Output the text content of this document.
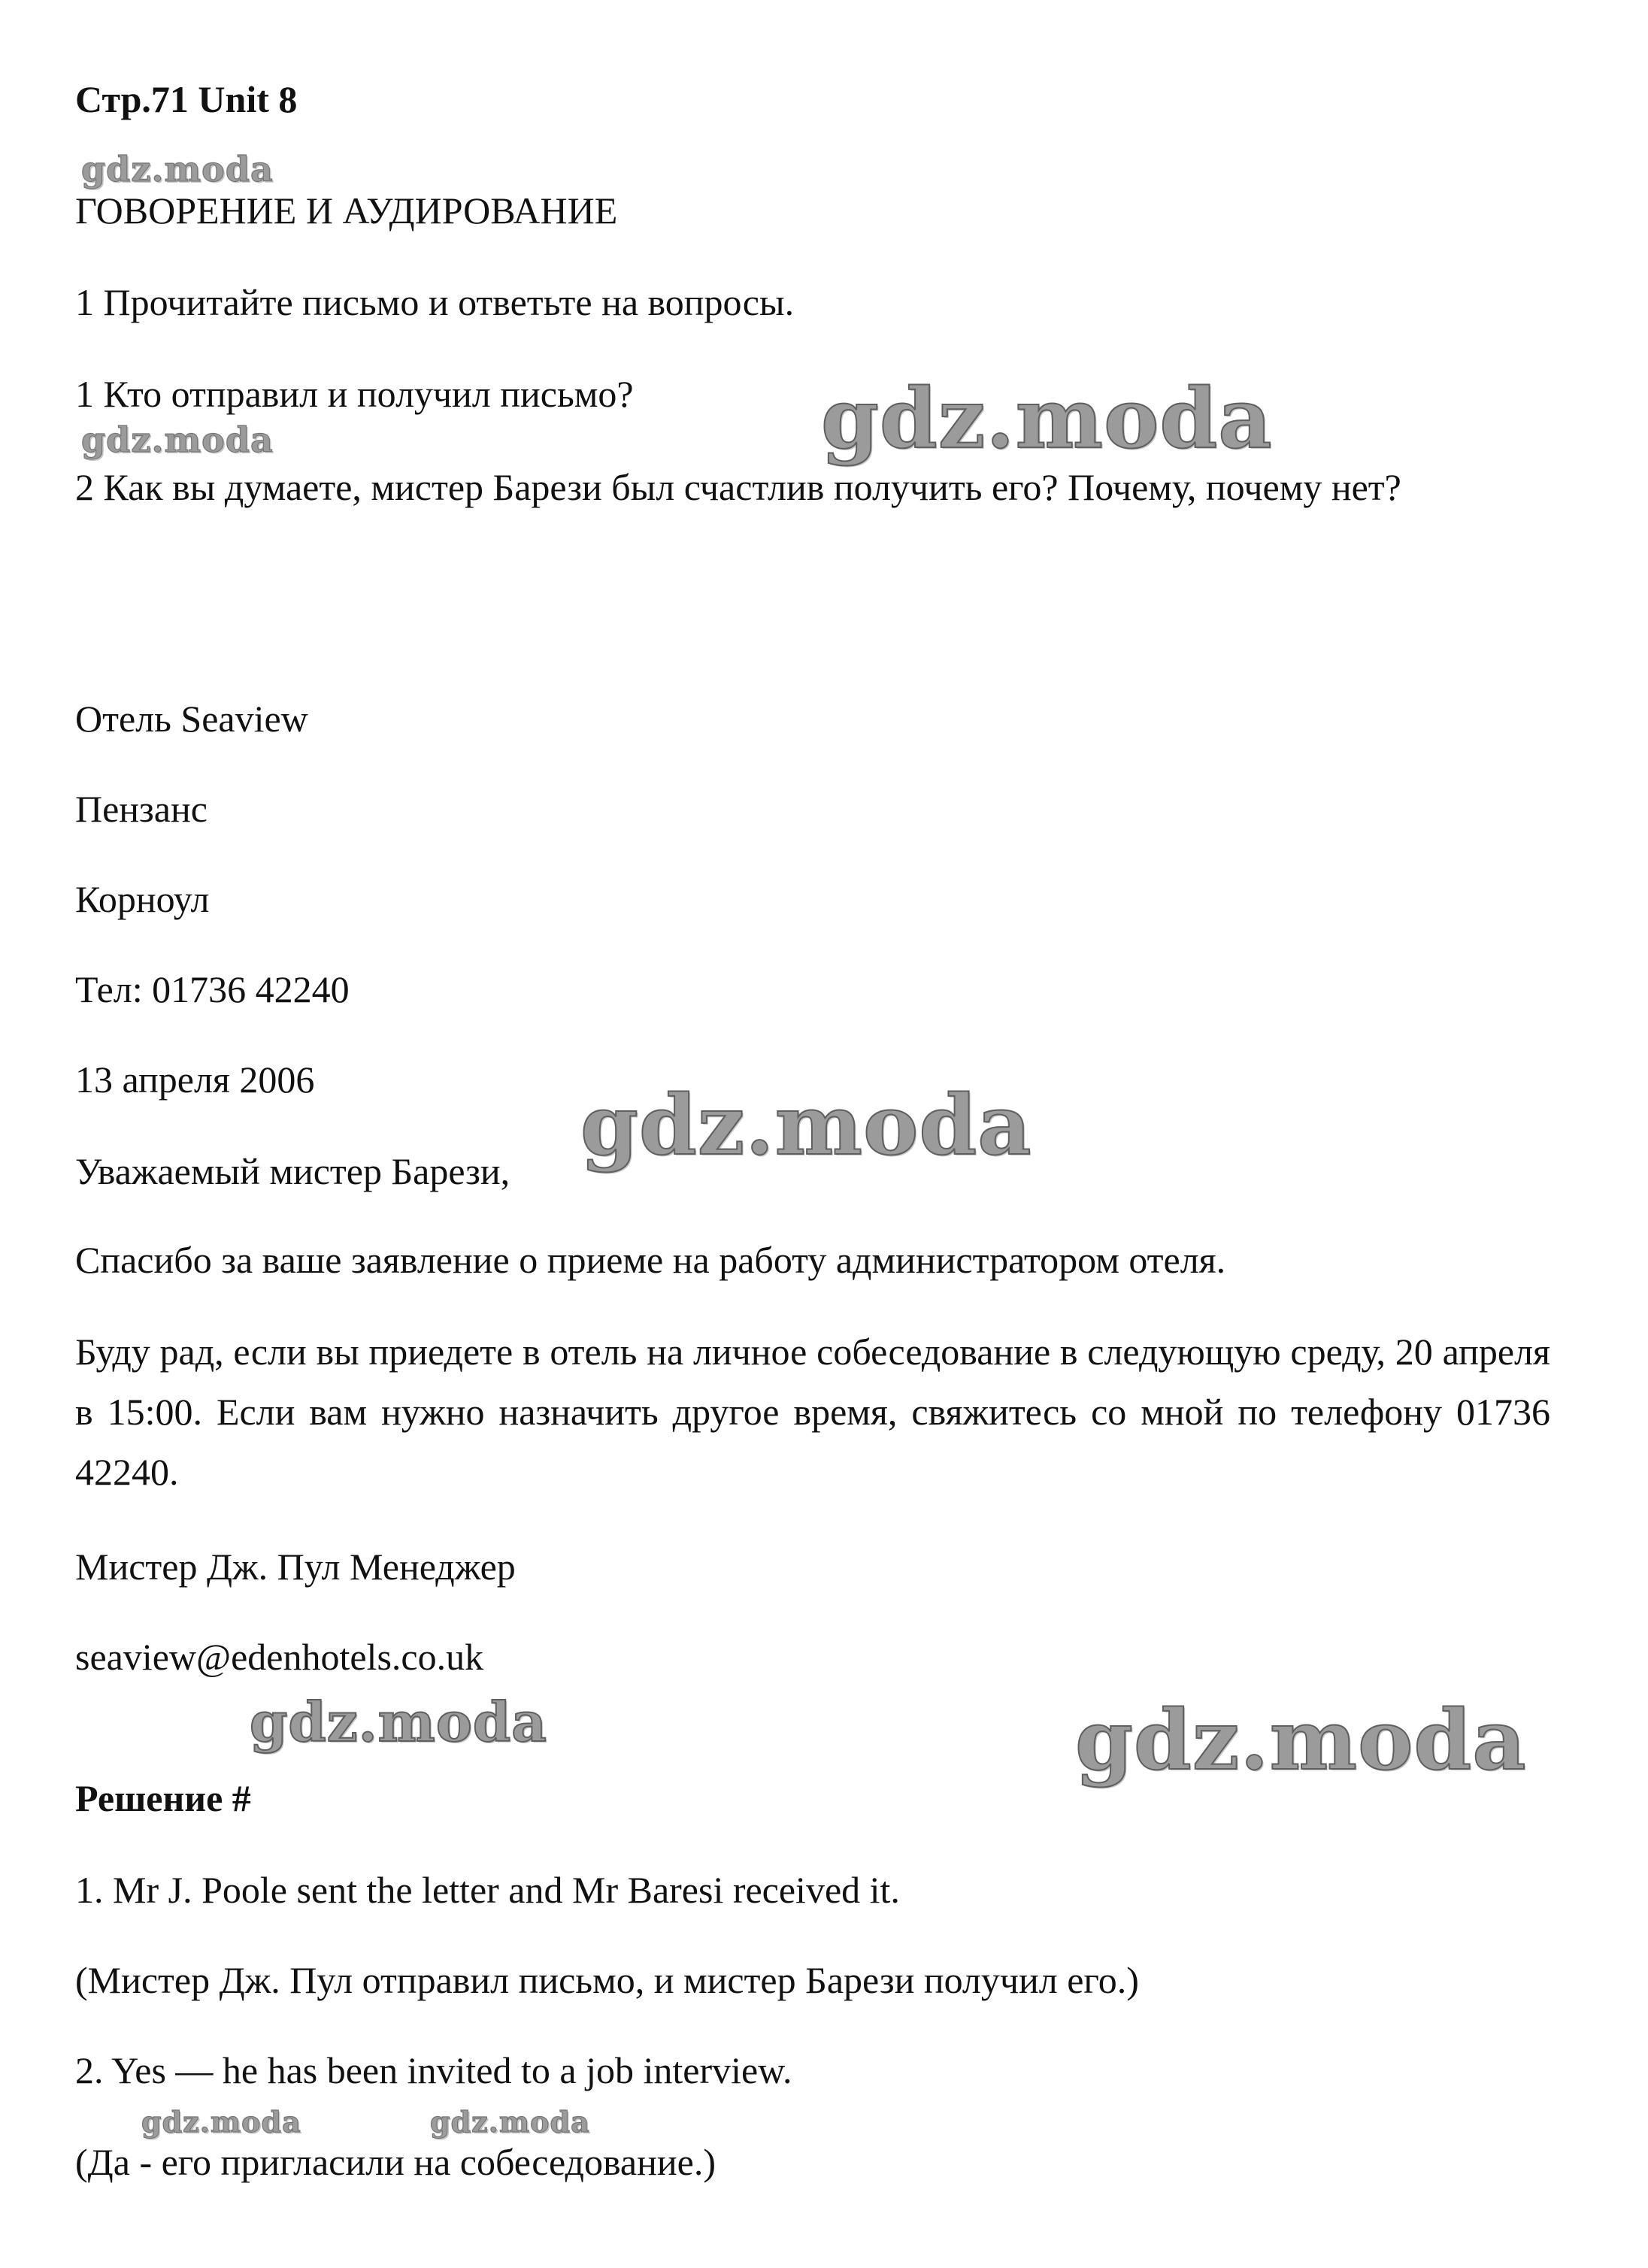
Стр.71 Unit 8
ГОВОРЕНИЕ И АУДИРОВАНИЕ
1 Прочитайте письмо и ответьте на вопросы.
1 Кто отправил и получил письмо?
2 Как вы думаете, мистер Барези был счастлив получить его? Почему, почему нет?
Отель Seaview
Пензанс
Корноул
Тел: 01736 42240
13 апреля 2006
Уважаемый мистер Барези,
Спасибо за ваше заявление о приеме на работу администратором отеля.
Буду рад, если вы приедете в отель на личное собеседование в следующую среду, 20 апреля в 15:00. Если вам нужно назначить другое время, свяжитесь со мной по телефону 01736 42240.
Мистер Дж. Пул Менеджер
seaview@edenhotels.co.uk
Решение #
1. Mr J. Poole sent the letter and Mr Baresi received it.
(Мистер Дж. Пул отправил письмо, и мистер Барези получил его.)
2. Yes — he has been invited to a job interview.
(Да - его пригласили на собеседование.)
gdz.moda
gdz.moda	gdz.moda
gdz.moda
gdz.moda	gdz.moda
gdz.moda	gdz.moda
